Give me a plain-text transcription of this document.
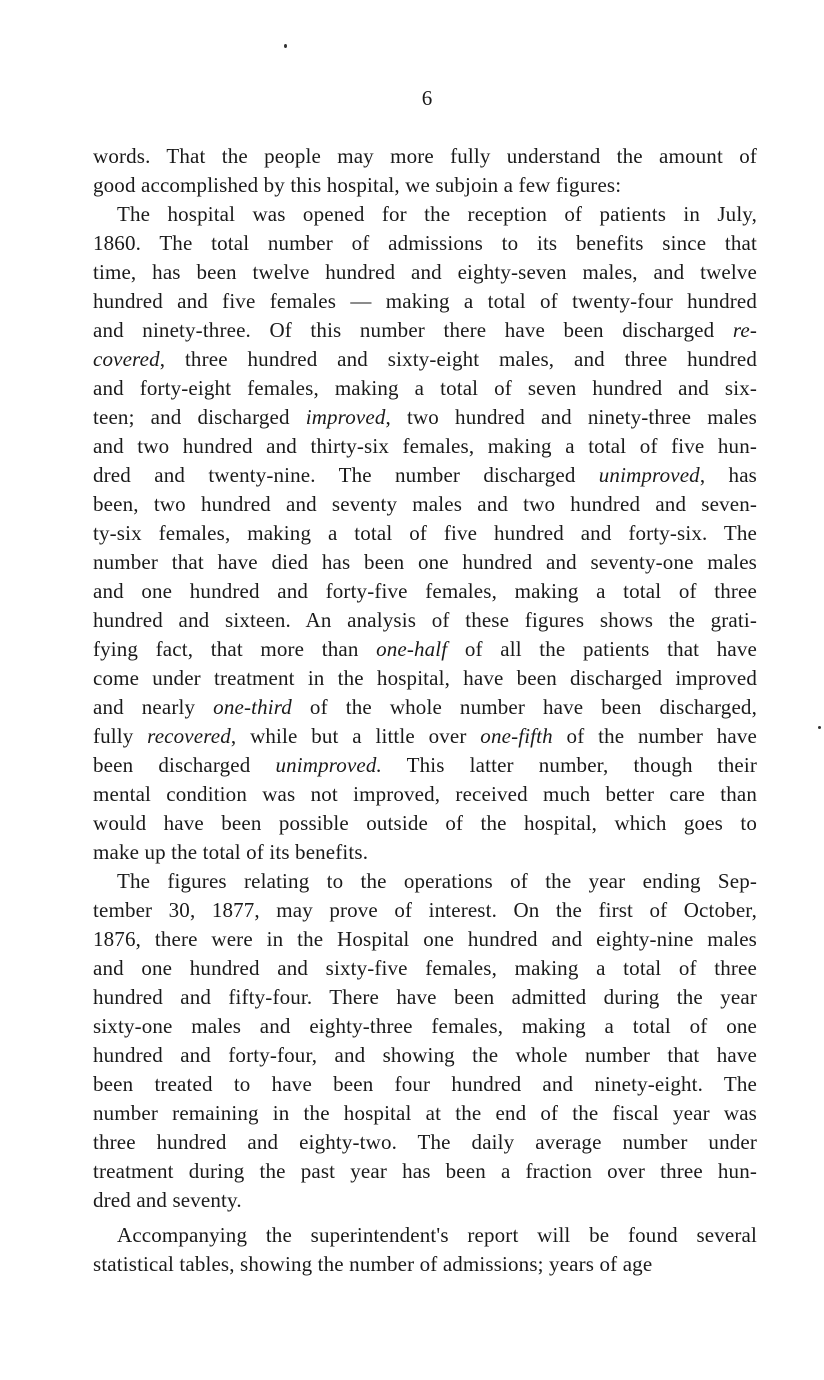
6

words. That the people may more fully understand the amount of
good accomplished by this hospital, we subjoin a few figures:

The hospital was opened for the reception of patients in July,
1860. The total number of admissions to its benefits since that
time, has been twelve hundred and eighty-seven males, and twelve
hundred and five females — making a total of twenty-four hundred
and ninety-three. Of this number there have been discharged re-
covered, three hundred and sixty-eight males, and three hundred
and forty-eight females, making a total of seven hundred and six-
teen; and discharged improved, two hundred and ninety-three males
and two hundred and thirty-six females, making a total of five hun-
dred and twenty-nine. The number discharged unimproved, has
been, two hundred and seventy males and two hundred and seven-
ty-six females, making a total of five hundred and forty-six. The
number that have died has been one hundred and seventy-one males
and one hundred and forty-five females, making a total of three
hundred and sixteen. An analysis of these figures shows the grati-
fying fact, that more than one-half of all the patients that have
come under treatment in the hospital, have been discharged improved
and nearly one-third of the whole number have been discharged,
fully recovered, while but a little over one-fifth of the number have
been discharged unimproved. This latter number, though their
mental condition was not improved, received much better care than
would have been possible outside of the hospital, which goes to
make up the total of its benefits.

The figures relating to the operations of the year ending Sep-
tember 30, 1877, may prove of interest. On the first of October,
1876, there were in the Hospital one hundred and eighty-nine males
and one hundred and sixty-five females, making a total of three
hundred and fifty-four. There have been admitted during the year
sixty-one males and eighty-three females, making a total of one
hundred and forty-four, and showing the whole number that have
been treated to have been four hundred and ninety-eight. The
number remaining in the hospital at the end of the fiscal year was
three hundred and eighty-two. The daily average number under
treatment during the past year has been a fraction over three hun-
dred and seventy.

Accompanying the superintendent's report will be found several
statistical tables, showing the number of admissions; years of age
